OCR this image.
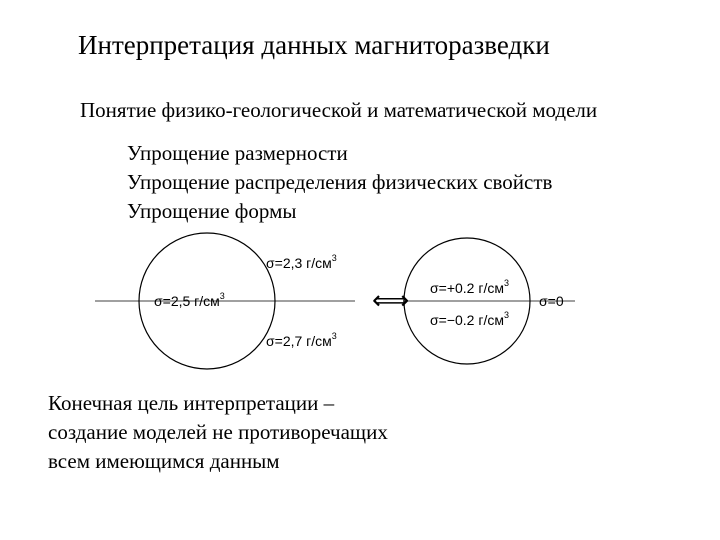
Интерпретация данных магниторазведки
Понятие физико-геологической и математической модели
Упрощение размерности
Упрощение распределения физических свойств
Упрощение формы
σ=2,3 $г/см^3$
σ=2,5 $г/см^3$
σ=2,7 $г/см^3$
⟺ σ=+0.2 $г/см^3$
σ=0
σ=−0.2 $г/см^3$
Конечная цель интерпретации –
создание моделей не противоречащих
всем имеющимся данным
